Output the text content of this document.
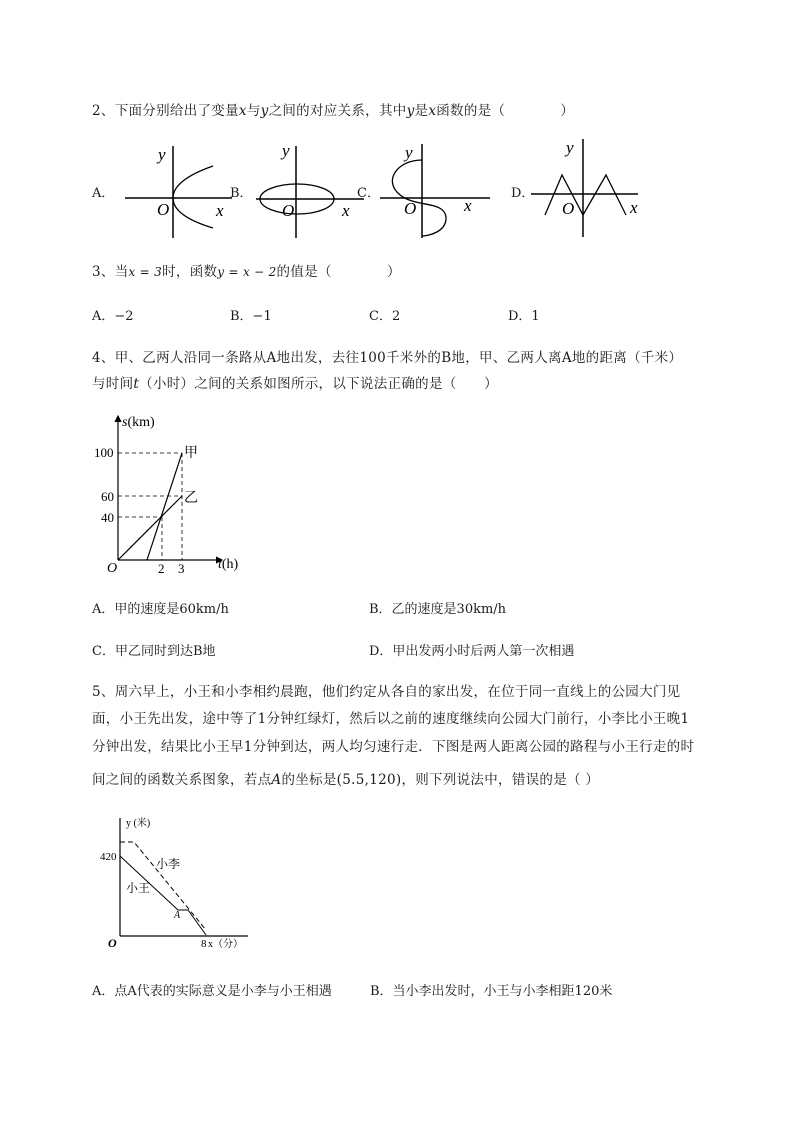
2、下面分别给出了变量x与y之间的对应关系，其中y是x函数的是（　　　　）
A．	B．	C．	D．
y
x
O
y
x
O
y
x
O
y
x
O
3、当x = 3时，函数y = x − 2的值是（　　　　）
A．−2	B．−1	C．2	D．1
4、甲、乙两人沿同一条路从A地出发，去往100千米外的B地，甲、乙两人离A地的距离（千米）
与时间t（小时）之间的关系如图所示，以下说法正确的是（　　）
s(km)
t(h)
O
100
60
40
2 3
甲
乙
A．甲的速度是60km/h	B．乙的速度是30km/h
C．甲乙同时到达B地	D．甲出发两小时后两人第一次相遇
5、周六早上，小王和小李相约晨跑，他们约定从各自的家出发，在位于同一直线上的公园大门见
面，小王先出发，途中等了1分钟红绿灯，然后以之前的速度继续向公园大门前行，小李比小王晚1
分钟出发，结果比小王早1分钟到达，两人均匀速行走．下图是两人距离公园的路程与小王行走的时
间之间的函数关系图象，若点A的坐标是(5.5,120)，则下列说法中，错误的是（ ）
y (米)
x（分）
O
420
8
小李
小王
A
A．点A代表的实际意义是小李与小王相遇	B．当小李出发时，小王与小李相距120米
